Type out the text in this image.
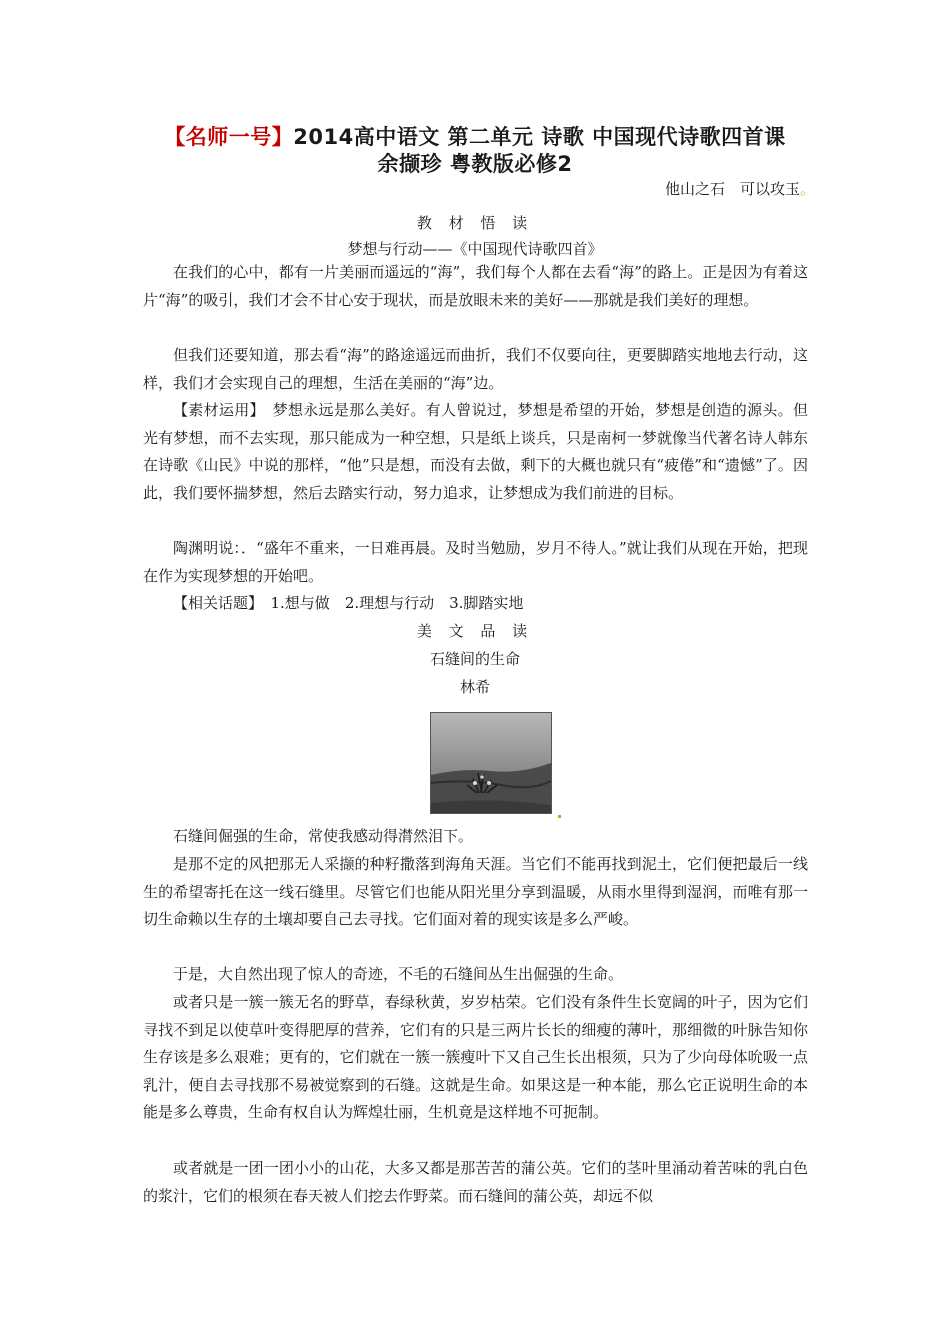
【名师一号】2014高中语文 第二单元 诗歌 中国现代诗歌四首课
余撷珍 粤教版必修2
他山之石　可以攻玉。
教 材 悟 读
梦想与行动——《中国现代诗歌四首》

在我们的心中，都有一片美丽而遥远的“海”，我们每个人都在去看“海”的路上。正是因为有着这片“海”的吸引，我们才会不甘心安于现状，而是放眼未来的美好——那就是我们美好的理想。

但我们还要知道，那去看“海”的路途遥远而曲折，我们不仅要向往，更要脚踏实地地去行动，这样，我们才会实现自己的理想，生活在美丽的“海”边。

【素材运用】　梦想永远是那么美好。有人曾说过，梦想是希望的开始，梦想是创造的源头。但光有梦想，而不去实现，那只能成为一种空想，只是纸上谈兵，只是南柯一梦就像当代著名诗人韩东在诗歌《山民》中说的那样，“他”只是想，而没有去做，剩下的大概也就只有“疲倦”和“遗憾”了。因此，我们要怀揣梦想，然后去踏实行动，努力追求，让梦想成为我们前进的目标。

陶渊明说：．“盛年不重来，一日难再晨。及时当勉励，岁月不待人。”就让我们从现在开始，把现在作为实现梦想的开始吧。

【相关话题】　1.想与做　2.理想与行动　3.脚踏实地

美 文 品 读
石缝间的生命
林希

石缝间倔强的生命，常使我感动得潸然泪下。

是那不定的风把那无人采撷的种籽撒落到海角天涯。当它们不能再找到泥土，它们便把最后一线生的希望寄托在这一线石缝里。尽管它们也能从阳光里分享到温暖，从雨水里得到湿润，而唯有那一切生命赖以生存的土壤却要自己去寻找。它们面对着的现实该是多么严峻。

于是，大自然出现了惊人的奇迹，不毛的石缝间丛生出倔强的生命。

或者只是一簇一簇无名的野草，春绿秋黄，岁岁枯荣。它们没有条件生长宽阔的叶子，因为它们寻找不到足以使草叶变得肥厚的营养，它们有的只是三两片长长的细瘦的薄叶，那细微的叶脉告知你生存该是多么艰难；更有的，它们就在一簇一簇瘦叶下又自己生长出根须，只为了少向母体吮吸一点乳汁，便自去寻找那不易被觉察到的石缝。这就是生命。如果这是一种本能，那么它正说明生命的本能是多么尊贵，生命有权自认为辉煌壮丽，生机竟是这样地不可扼制。

或者就是一团一团小小的山花，大多又都是那苦苦的蒲公英。它们的茎叶里涌动着苦味的乳白色的浆汁，它们的根须在春天被人们挖去作野菜。而石缝间的蒲公英，却远不似
